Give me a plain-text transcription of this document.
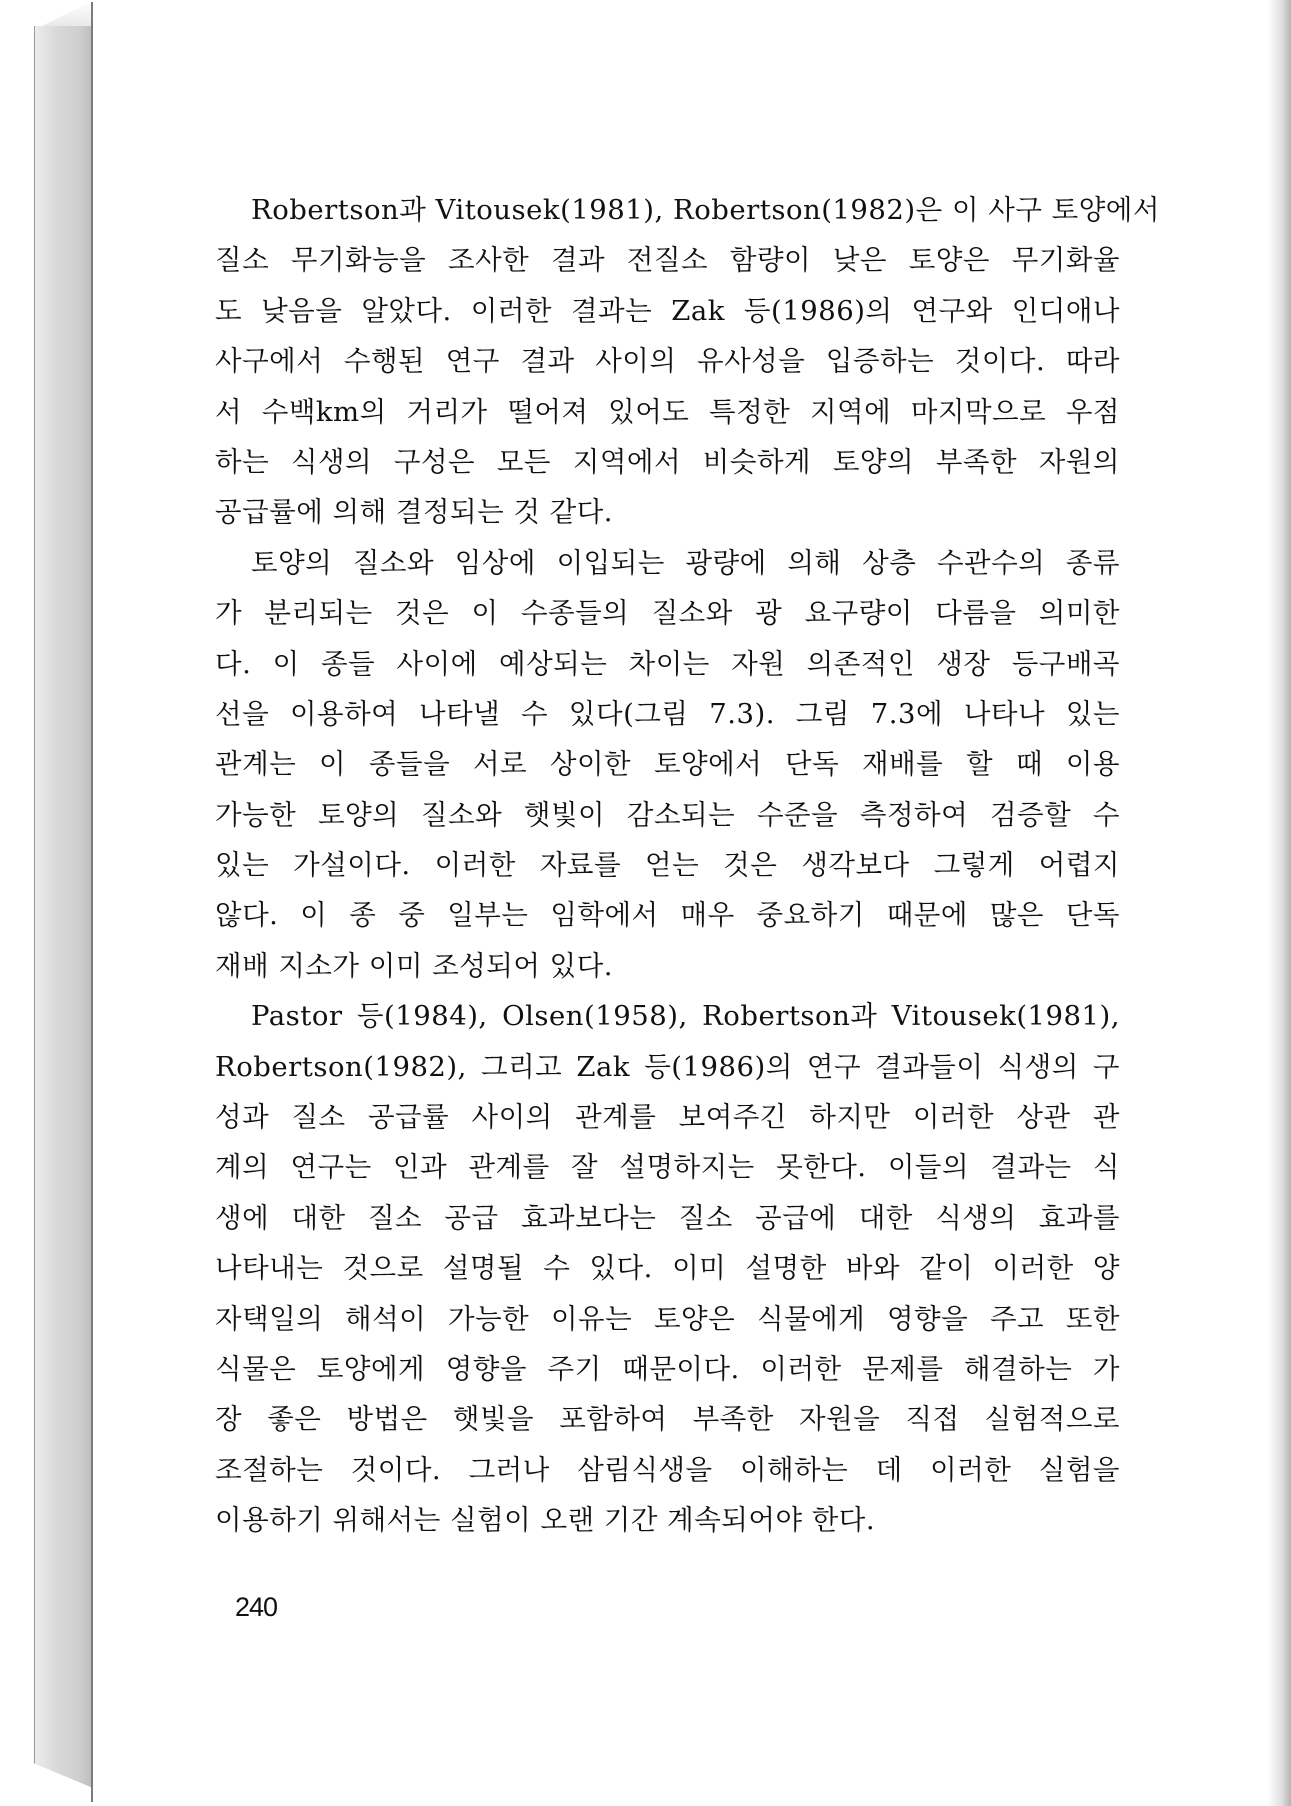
Robertson과 Vitousek(1981), Robertson(1982)은 이 사구 토양에서
질소 무기화능을 조사한 결과 전질소 함량이 낮은 토양은 무기화율
도 낮음을 알았다. 이러한 결과는 Zak 등(1986)의 연구와 인디애나
사구에서 수행된 연구 결과 사이의 유사성을 입증하는 것이다. 따라
서 수백km의 거리가 떨어져 있어도 특정한 지역에 마지막으로 우점
하는 식생의 구성은 모든 지역에서 비슷하게 토양의 부족한 자원의
공급률에 의해 결정되는 것 같다.
토양의 질소와 임상에 이입되는 광량에 의해 상층 수관수의 종류
가 분리되는 것은 이 수종들의 질소와 광 요구량이 다름을 의미한
다. 이 종들 사이에 예상되는 차이는 자원 의존적인 생장 등구배곡
선을 이용하여 나타낼 수 있다(그림 7.3). 그림 7.3에 나타나 있는
관계는 이 종들을 서로 상이한 토양에서 단독 재배를 할 때 이용
가능한 토양의 질소와 햇빛이 감소되는 수준을 측정하여 검증할 수
있는 가설이다. 이러한 자료를 얻는 것은 생각보다 그렇게 어렵지
않다. 이 종 중 일부는 임학에서 매우 중요하기 때문에 많은 단독
재배 지소가 이미 조성되어 있다.
Pastor 등(1984), Olsen(1958), Robertson과 Vitousek(1981),
Robertson(1982), 그리고 Zak 등(1986)의 연구 결과들이 식생의 구
성과 질소 공급률 사이의 관계를 보여주긴 하지만 이러한 상관 관
계의 연구는 인과 관계를 잘 설명하지는 못한다. 이들의 결과는 식
생에 대한 질소 공급 효과보다는 질소 공급에 대한 식생의 효과를
나타내는 것으로 설명될 수 있다. 이미 설명한 바와 같이 이러한 양
자택일의 해석이 가능한 이유는 토양은 식물에게 영향을 주고 또한
식물은 토양에게 영향을 주기 때문이다. 이러한 문제를 해결하는 가
장 좋은 방법은 햇빛을 포함하여 부족한 자원을 직접 실험적으로
조절하는 것이다. 그러나 삼림식생을 이해하는 데 이러한 실험을
이용하기 위해서는 실험이 오랜 기간 계속되어야 한다.
240
